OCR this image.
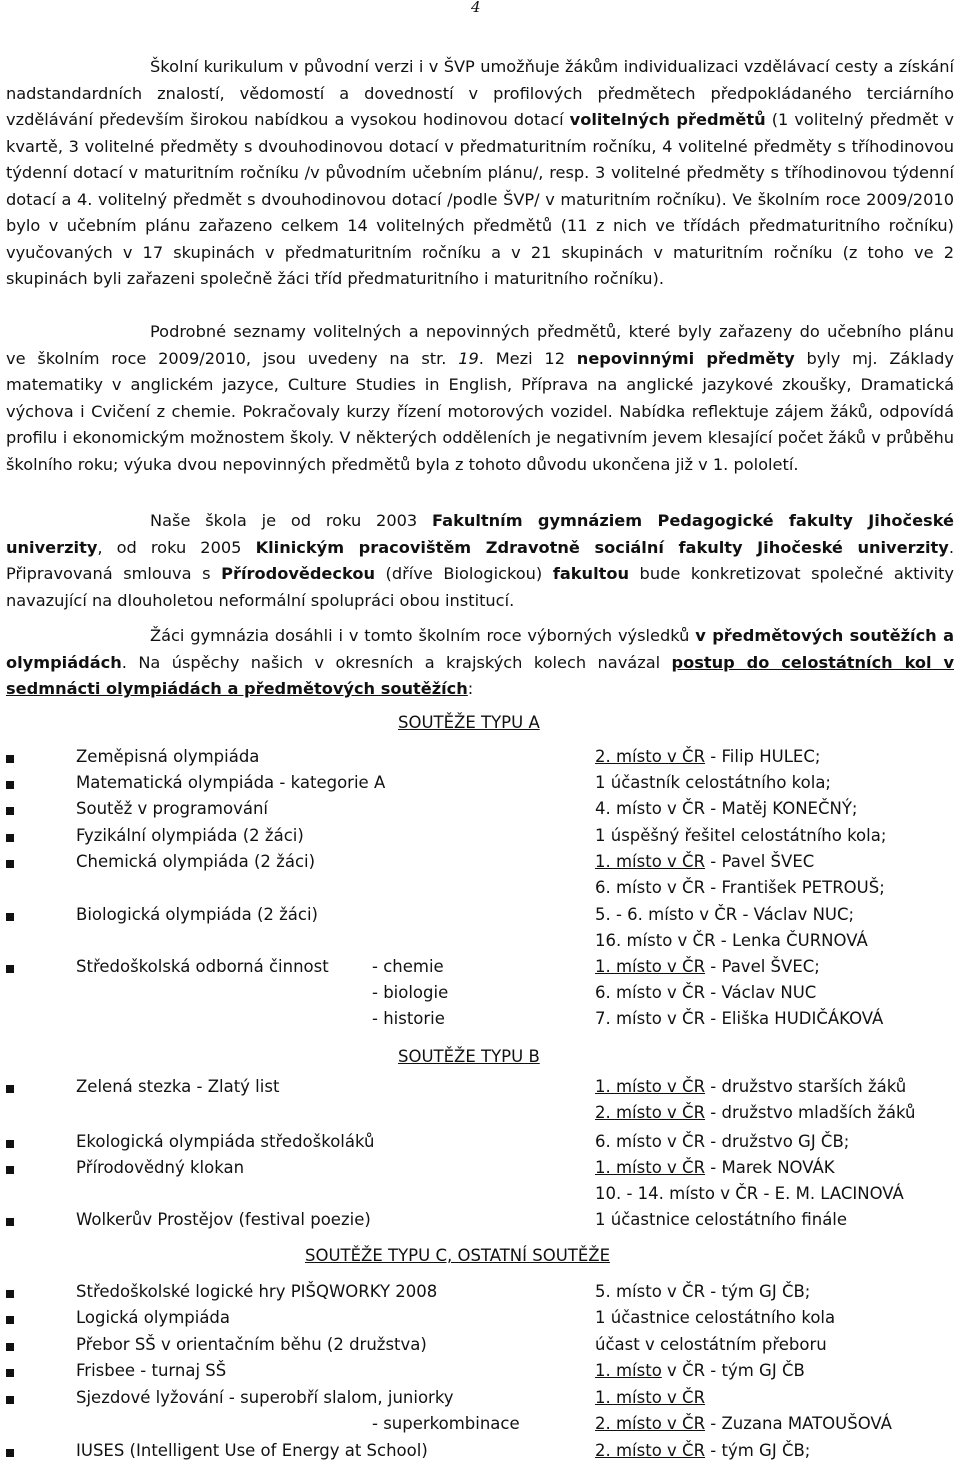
4

Školní kurikulum v původní verzi i v ŠVP umožňuje žákům individualizaci vzdělávací cesty a získání nadstandardních znalostí, vědomostí a dovedností v profilových předmětech předpokládaného terciárního vzdělávání především širokou nabídkou a vysokou hodinovou dotací volitelných předmětů (1 volitelný předmět v kvartě, 3 volitelné předměty s dvouhodinovou dotací v předmaturitním ročníku, 4 volitelné předměty s tříhodinovou týdenní dotací v maturitním ročníku /v původním učebním plánu/, resp. 3 volitelné předměty s tříhodinovou týdenní dotací a 4. volitelný předmět s dvouhodinovou dotací /podle ŠVP/ v maturitním ročníku). Ve školním roce 2009/2010 bylo v učebním plánu zařazeno celkem 14 volitelných předmětů (11 z nich ve třídách předmaturitního ročníku) vyučovaných v 17 skupinách v předmaturitním ročníku a v 21 skupinách v maturitním ročníku (z toho ve 2 skupinách byli zařazeni společně žáci tříd předmaturitního i maturitního ročníku).

Podrobné seznamy volitelných a nepovinných předmětů, které byly zařazeny do učebního plánu ve školním roce 2009/2010, jsou uvedeny na str. 19. Mezi 12 nepovinnými předměty byly mj. Základy matematiky v anglickém jazyce, Culture Studies in English, Příprava na anglické jazykové zkoušky, Dramatická výchova i Cvičení z chemie. Pokračovaly kurzy řízení motorových vozidel. Nabídka reflektuje zájem žáků, odpovídá profilu i ekonomickým možnostem školy. V některých odděleních je negativním jevem klesající počet žáků v průběhu školního roku; výuka dvou nepovinných předmětů byla z tohoto důvodu ukončena již v 1. pololetí.

Naše škola je od roku 2003 Fakultním gymnáziem Pedagogické fakulty Jihočeské univerzity, od roku 2005 Klinickým pracovištěm Zdravotně sociální fakulty Jihočeské univerzity. Připravovaná smlouva s Přírodovědeckou (dříve Biologickou) fakultou bude konkretizovat společné aktivity navazující na dlouholetou neformální spolupráci obou institucí.

Žáci gymnázia dosáhli i v tomto školním roce výborných výsledků v předmětových soutěžích a olympiádách. Na úspěchy našich v okresních a krajských kolech navázal postup do celostátních kol v sedmnácti olympiádách a předmětových soutěžích:

SOUTĚŽE TYPU A
Zeměpisná olympiáda	2. místo v ČR - Filip HULEC;
Matematická olympiáda - kategorie A	1 účastník celostátního kola;
Soutěž v programování	4. místo v ČR - Matěj KONEČNÝ;
Fyzikální olympiáda (2 žáci)	1 úspěšný řešitel celostátního kola;
Chemická olympiáda (2 žáci)	1. místo v ČR - Pavel ŠVEC
6. místo v ČR - František PETROUŠ;
Biologická olympiáda (2 žáci)	5. - 6. místo v ČR - Václav NUC;
16. místo v ČR - Lenka ČURNOVÁ
Středoškolská odborná činnost	- chemie	1. místo v ČR - Pavel ŠVEC;
- biologie	6. místo v ČR - Václav NUC
- historie	7. místo v ČR - Eliška HUDIČÁKOVÁ
SOUTĚŽE TYPU B
Zelená stezka - Zlatý list	1. místo v ČR - družstvo starších žáků
2. místo v ČR - družstvo mladších žáků
Ekologická olympiáda středoškoláků	6. místo v ČR - družstvo GJ ČB;
Přírodovědný klokan	1. místo v ČR - Marek NOVÁK
10. - 14. místo v ČR - E. M. LACINOVÁ
Wolkerův Prostějov (festival poezie)	1 účastnice celostátního finále
SOUTĚŽE TYPU C, OSTATNÍ SOUTĚŽE
Středoškolské logické hry PIŠQWORKY 2008	5. místo v ČR - tým GJ ČB;
Logická olympiáda	1 účastnice celostátního kola
Přebor SŠ v orientačním běhu (2 družstva)	účast v celostátním přeboru
Frisbee - turnaj SŠ	1. místo v ČR - tým GJ ČB
Sjezdové lyžování - superobří slalom, juniorky	1. místo v ČR
- superkombinace	2. místo v ČR - Zuzana MATOUŠOVÁ
IUSES (Intelligent Use of Energy at School)	2. místo v ČR - tým GJ ČB;
